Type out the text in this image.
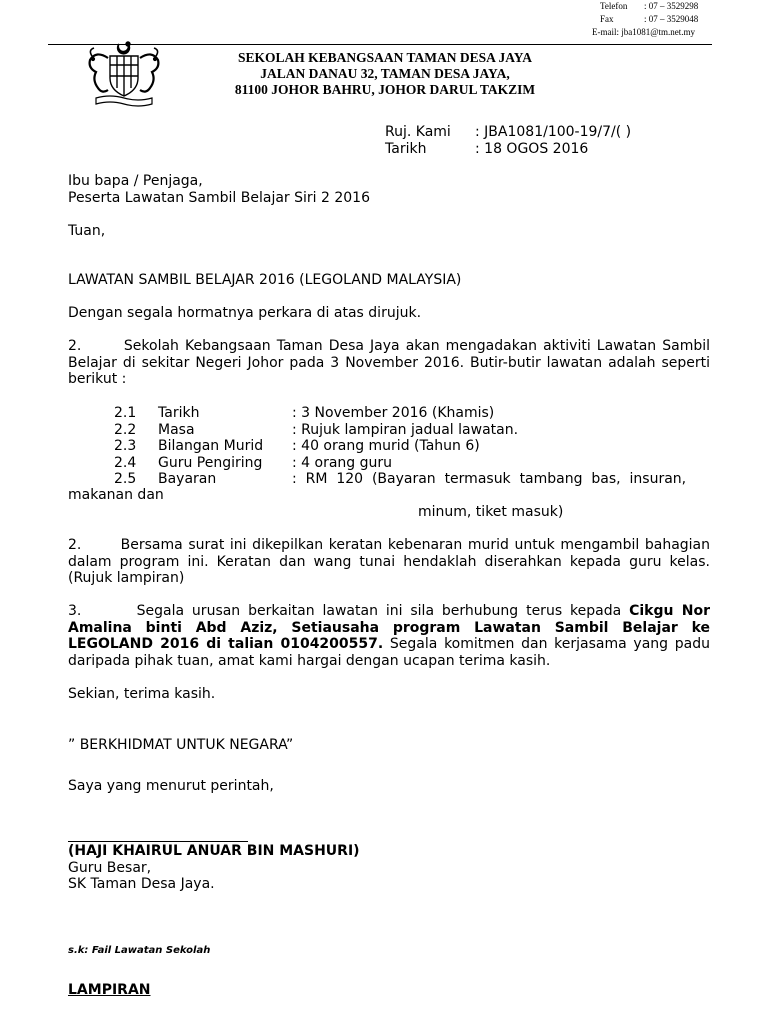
Telefon	: 07 – 3529298
Fax	: 07 – 3529048
E-mail:
jba1081@tm.net.my
SEKOLAH KEBANGSAAN TAMAN DESA JAYA
JALAN DANAU 32, TAMAN DESA JAYA,
81100 JOHOR BAHRU, JOHOR DARUL TAKZIM
Ruj. Kami : JBA1081/100-19/7/( )
Tarikh	: 18 OGOS 2016
Ibu bapa / Penjaga,
Peserta Lawatan Sambil Belajar Siri 2 2016
Tuan,
LAWATAN SAMBIL BELAJAR 2016 (LEGOLAND MALAYSIA)
Dengan segala hormatnya perkara di atas dirujuk.
2.	Sekolah Kebangsaan Taman Desa Jaya akan mengadakan aktiviti Lawatan Sambil Belajar di sekitar Negeri Johor pada 3 November 2016. Butir-butir lawatan adalah seperti berikut :
2.1	Tarikh	: 3 November 2016 (Khamis)
2.2	Masa	: Rujuk lampiran jadual lawatan.
2.3	Bilangan Murid	: 40 orang murid (Tahun 6)
2.4	Guru Pengiring	: 4 orang guru
2.5	Bayaran	:  RM  120  (Bayaran  termasuk  tambang  bas,  insuran,
makanan dan
minum, tiket masuk)
2.	Bersama surat ini dikepilkan keratan kebenaran murid untuk mengambil bahagian dalam program ini. Keratan dan wang tunai hendaklah diserahkan kepada guru kelas. (Rujuk lampiran)
3.	Segala urusan berkaitan lawatan ini sila berhubung terus kepada Cikgu Nor Amalina binti Abd Aziz, Setiausaha program Lawatan Sambil Belajar ke LEGOLAND 2016 di talian 0104200557. Segala komitmen dan kerjasama yang padu daripada pihak tuan, amat kami hargai dengan ucapan terima kasih.
Sekian, terima kasih.
” BERKHIDMAT UNTUK NEGARA”
Saya yang menurut perintah,
(HAJI KHAIRUL ANUAR BIN MASHURI)
Guru Besar,
SK Taman Desa Jaya.
s.k: Fail Lawatan Sekolah
LAMPIRAN
